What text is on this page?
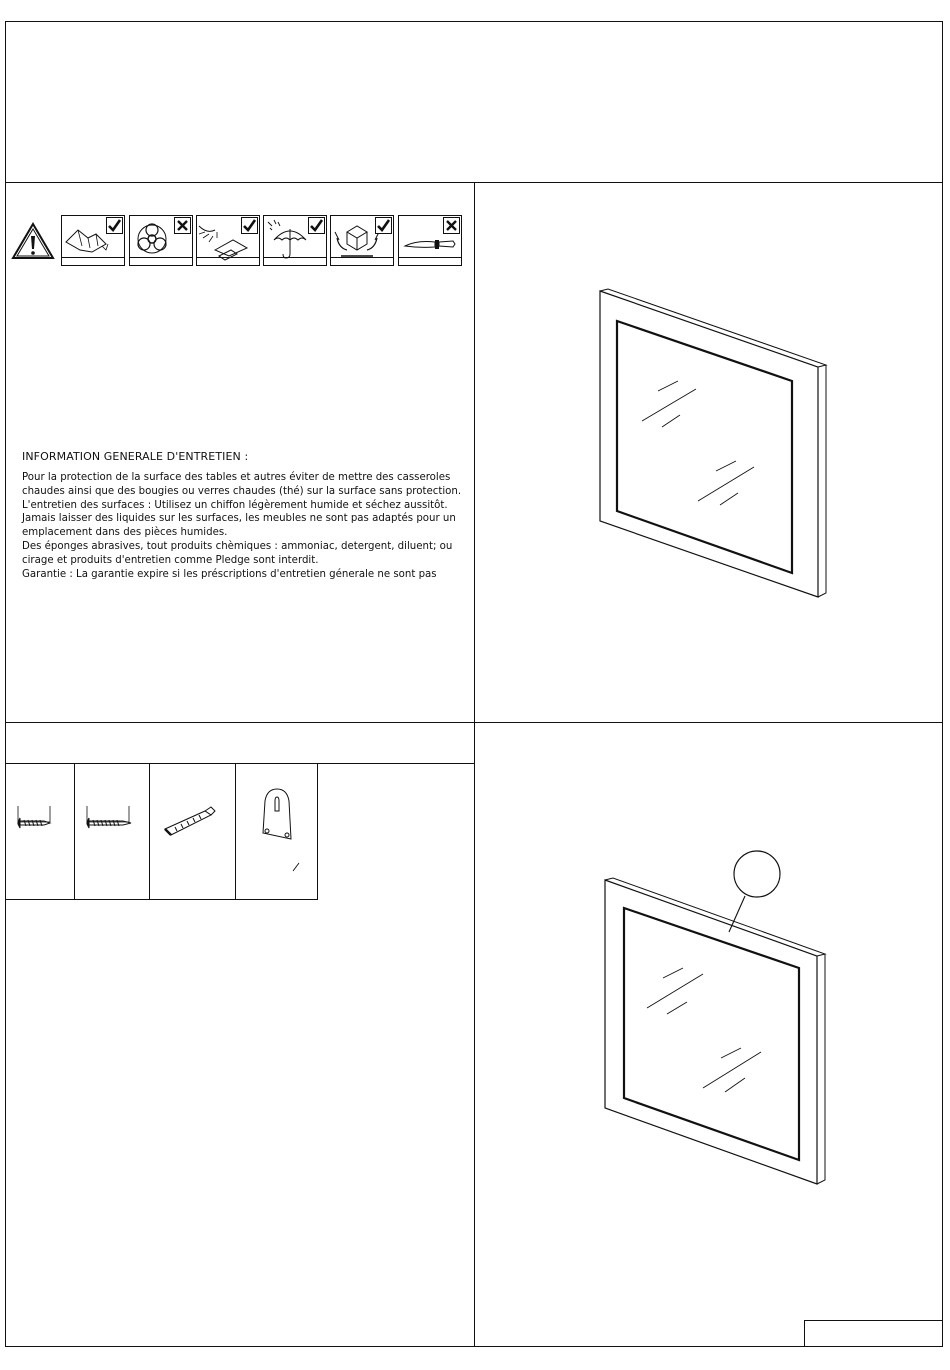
INFORMATION GENERALE D'ENTRETIEN :
Pour la protection de la surface des tables et autres éviter de mettre des casseroles
chaudes ainsi que des bougies ou verres chaudes (thé) sur la surface sans protection.
L'entretien des surfaces : Utilisez un chiffon légèrement humide et séchez aussitôt.
Jamais laisser des liquides sur les surfaces, les meubles ne sont pas adaptés pour un
emplacement dans des pièces humides.
Des éponges abrasives, tout produits chèmiques : ammoniac, detergent, diluent; ou
cirage et produits d'entretien comme Pledge sont interdit.
Garantie : La garantie expire si les préscriptions d'entretien génerale ne sont pas
